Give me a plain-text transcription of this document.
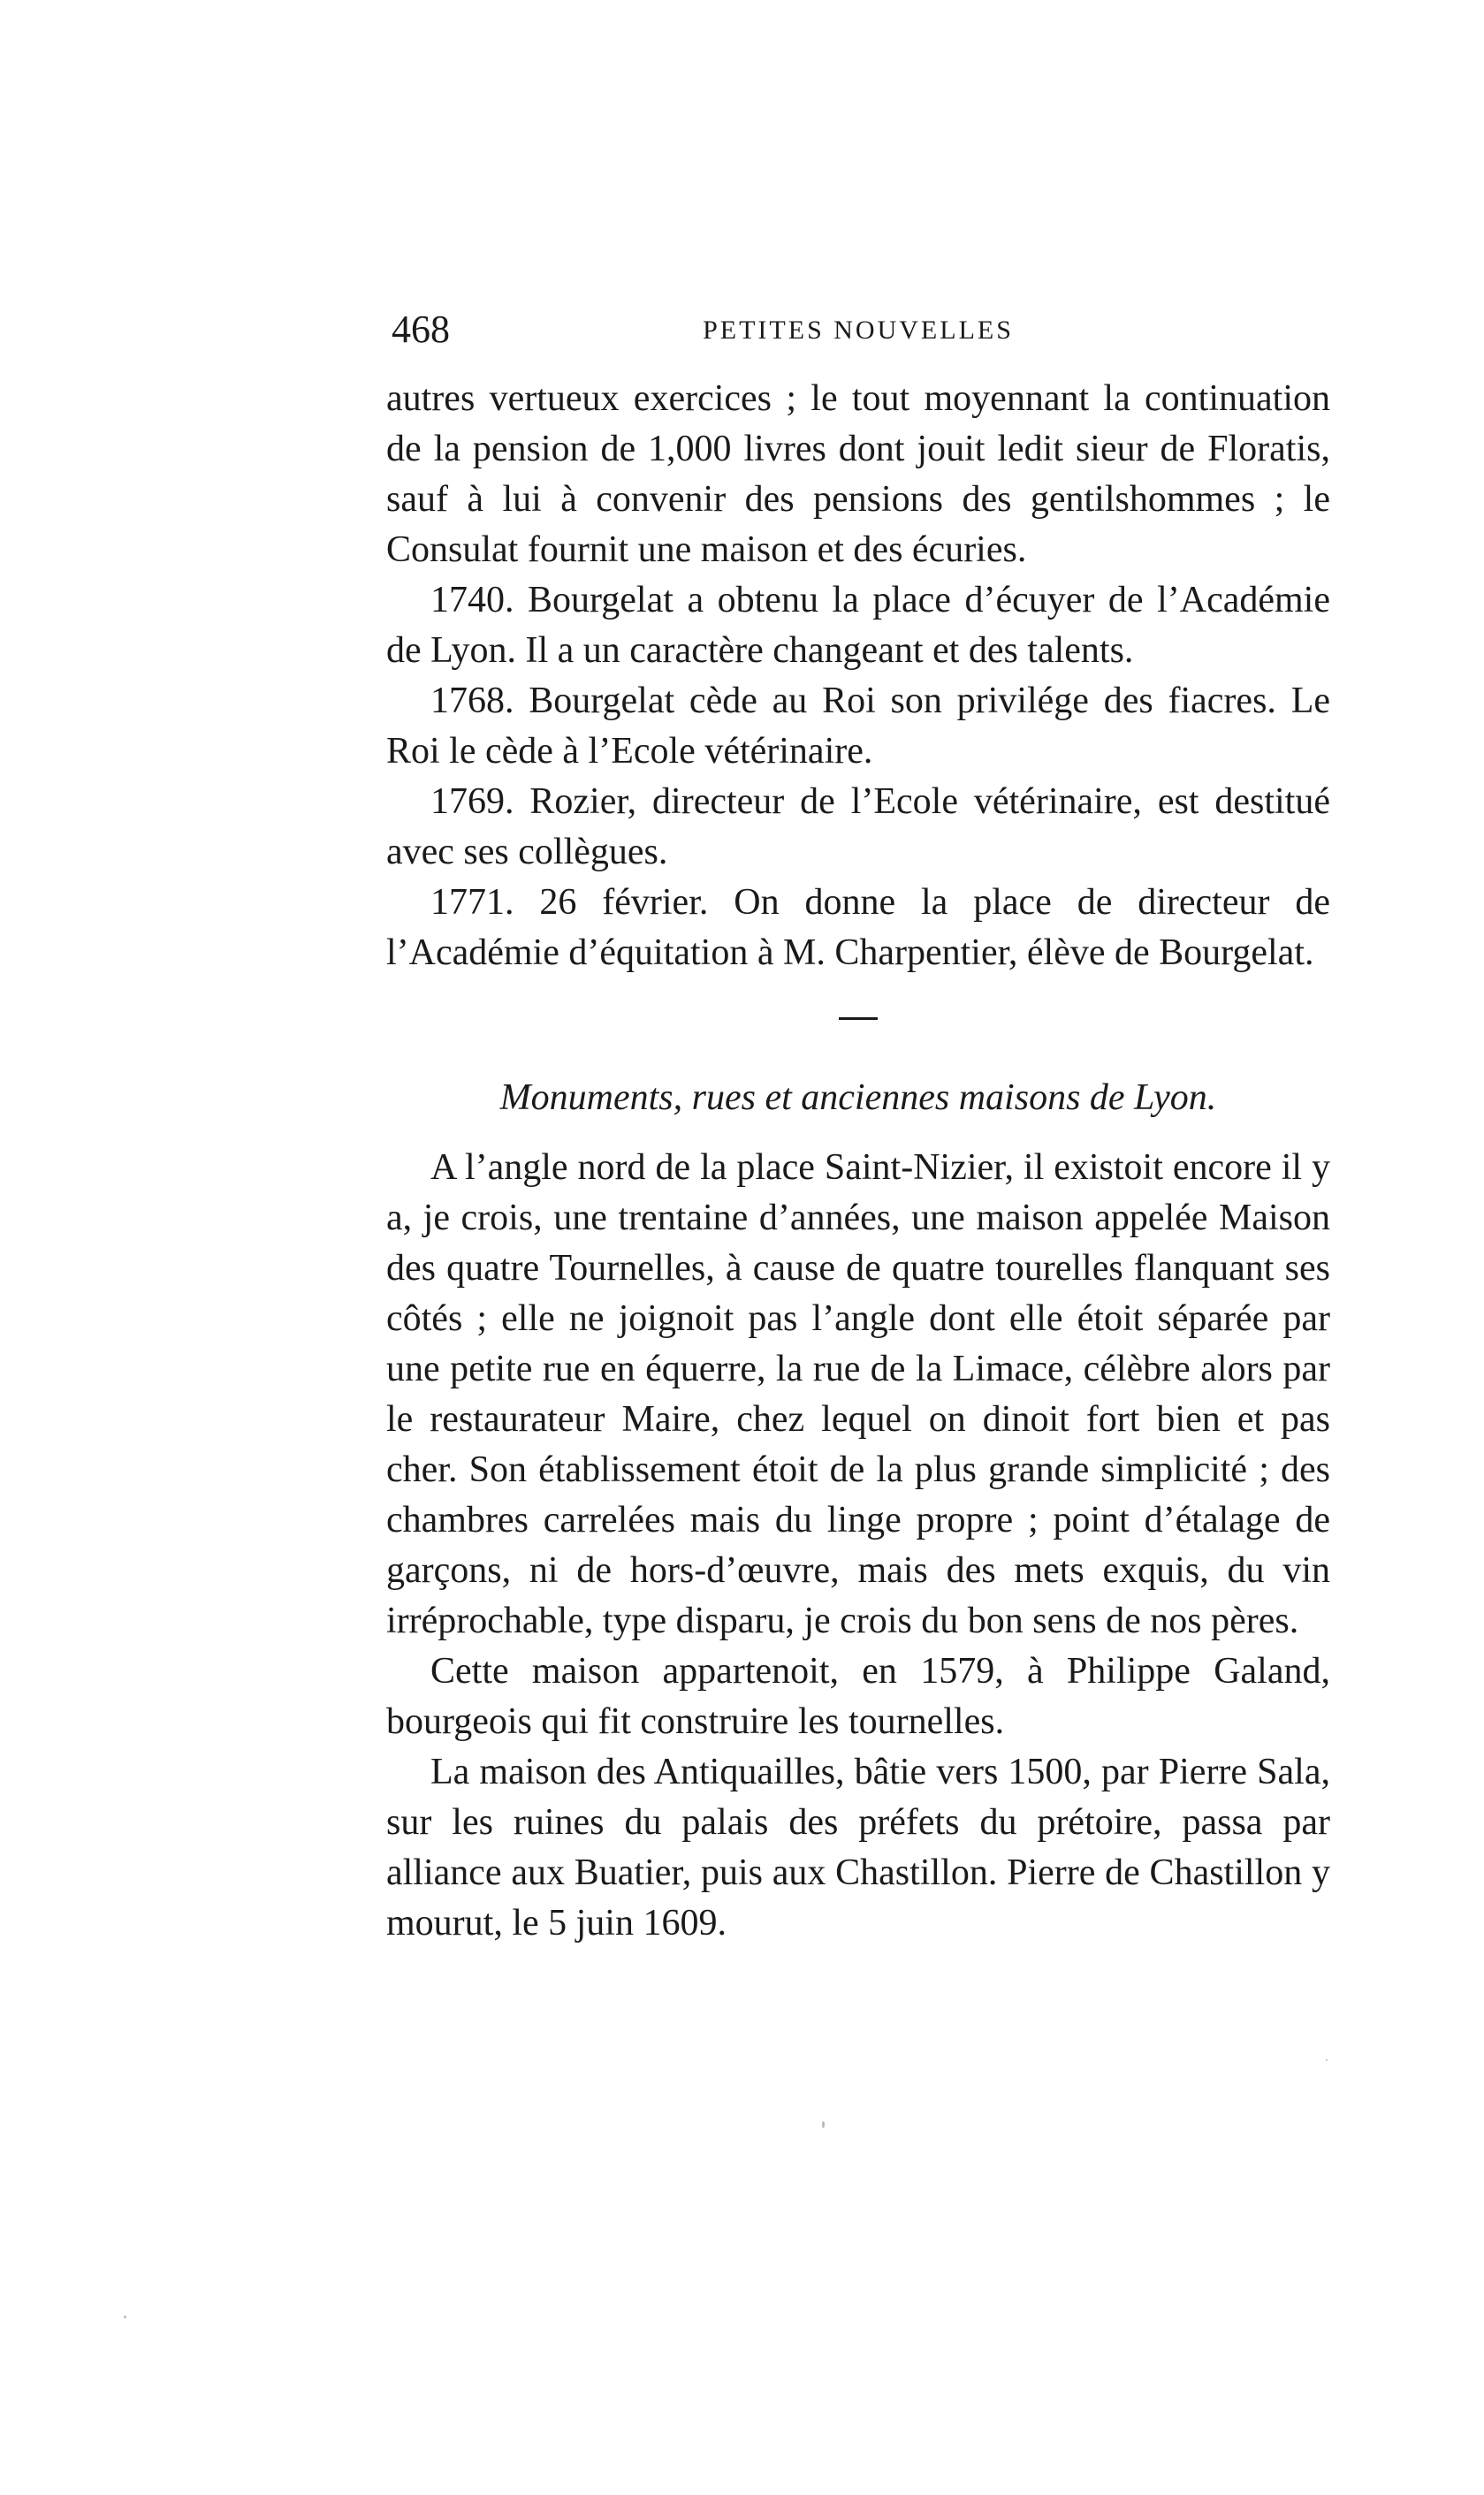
468	PETITES NOUVELLES

autres vertueux exercices ; le tout moyennant la continuation de la pension de 1,000 livres dont jouit ledit sieur de Floratis, sauf à lui à convenir des pensions des gentilshommes ; le Consulat fournit une maison et des écuries.

1740. Bourgelat a obtenu la place d’écuyer de l’Académie de Lyon. Il a un caractère changeant et des talents.

1768. Bourgelat cède au Roi son privilége des fiacres. Le Roi le cède à l’Ecole vétérinaire.

1769. Rozier, directeur de l’Ecole vétérinaire, est destitué avec ses collègues.

1771. 26 février. On donne la place de directeur de l’Académie d’équitation à M. Charpentier, élève de Bourgelat.

Monuments, rues et anciennes maisons de Lyon.

A l’angle nord de la place Saint-Nizier, il existoit encore il y a, je crois, une trentaine d’années, une maison appelée Maison des quatre Tournelles, à cause de quatre tourelles flanquant ses côtés ; elle ne joignoit pas l’angle dont elle étoit séparée par une petite rue en équerre, la rue de la Limace, célèbre alors par le restaurateur Maire, chez lequel on dinoit fort bien et pas cher. Son établissement étoit de la plus grande simplicité ; des chambres carrelées mais du linge propre ; point d’étalage de garçons, ni de hors-d’œuvre, mais des mets exquis, du vin irréprochable, type disparu, je crois du bon sens de nos pères.

Cette maison appartenoit, en 1579, à Philippe Galand, bourgeois qui fit construire les tournelles.

La maison des Antiquailles, bâtie vers 1500, par Pierre Sala, sur les ruines du palais des préfets du prétoire, passa par alliance aux Buatier, puis aux Chastillon. Pierre de Chastillon y mourut, le 5 juin 1609.
